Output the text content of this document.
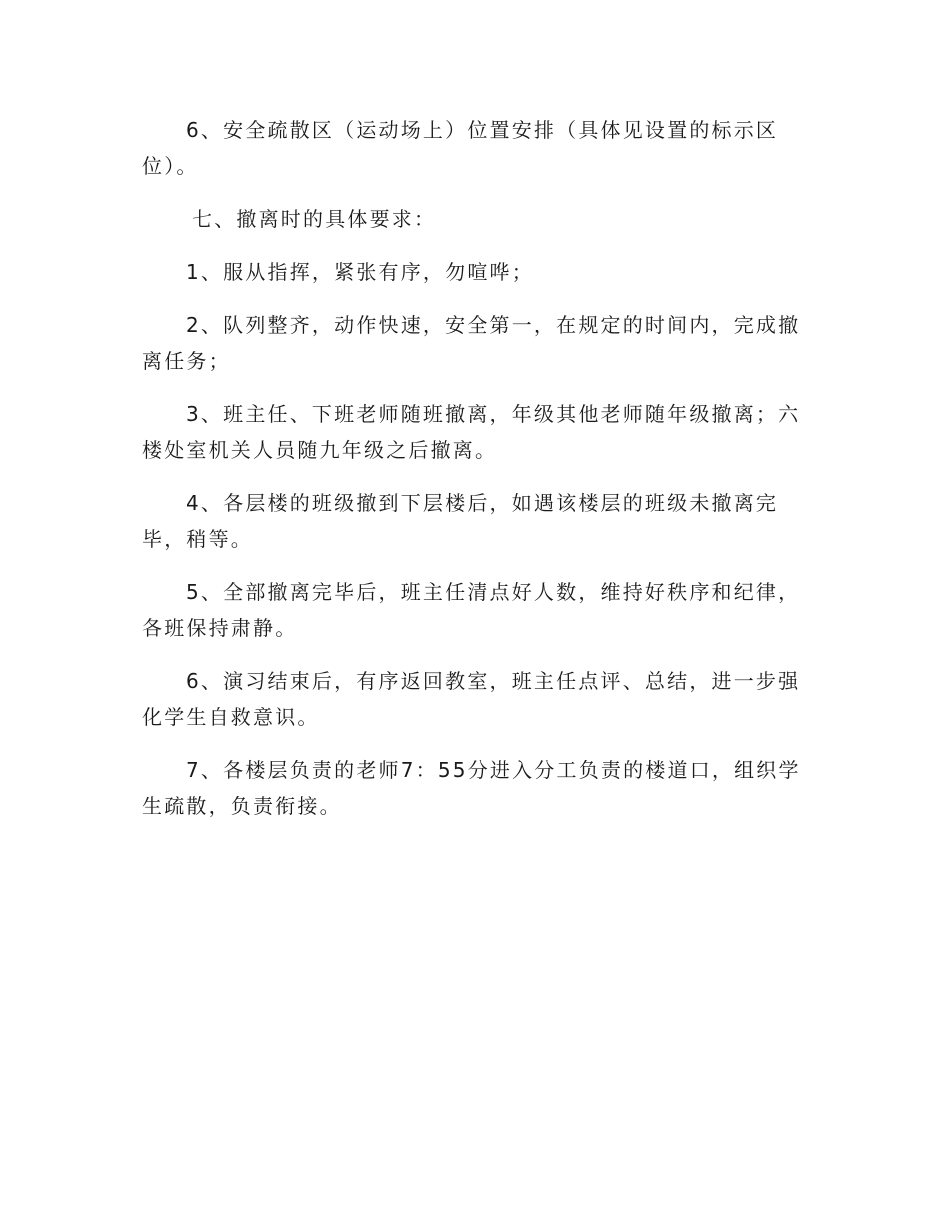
6、安全疏散区（运动场上）位置安排（具体见设置的标示区位）。

七、撤离时的具体要求：

1、服从指挥，紧张有序，勿喧哗；

2、队列整齐，动作快速，安全第一，在规定的时间内，完成撤离任务；

3、班主任、下班老师随班撤离，年级其他老师随年级撤离；六楼处室机关人员随九年级之后撤离。

4、各层楼的班级撤到下层楼后，如遇该楼层的班级未撤离完毕，稍等。

5、全部撤离完毕后，班主任清点好人数，维持好秩序和纪律，各班保持肃静。

6、演习结束后，有序返回教室，班主任点评、总结，进一步强化学生自救意识。

7、各楼层负责的老师7：55分进入分工负责的楼道口，组织学生疏散，负责衔接。
